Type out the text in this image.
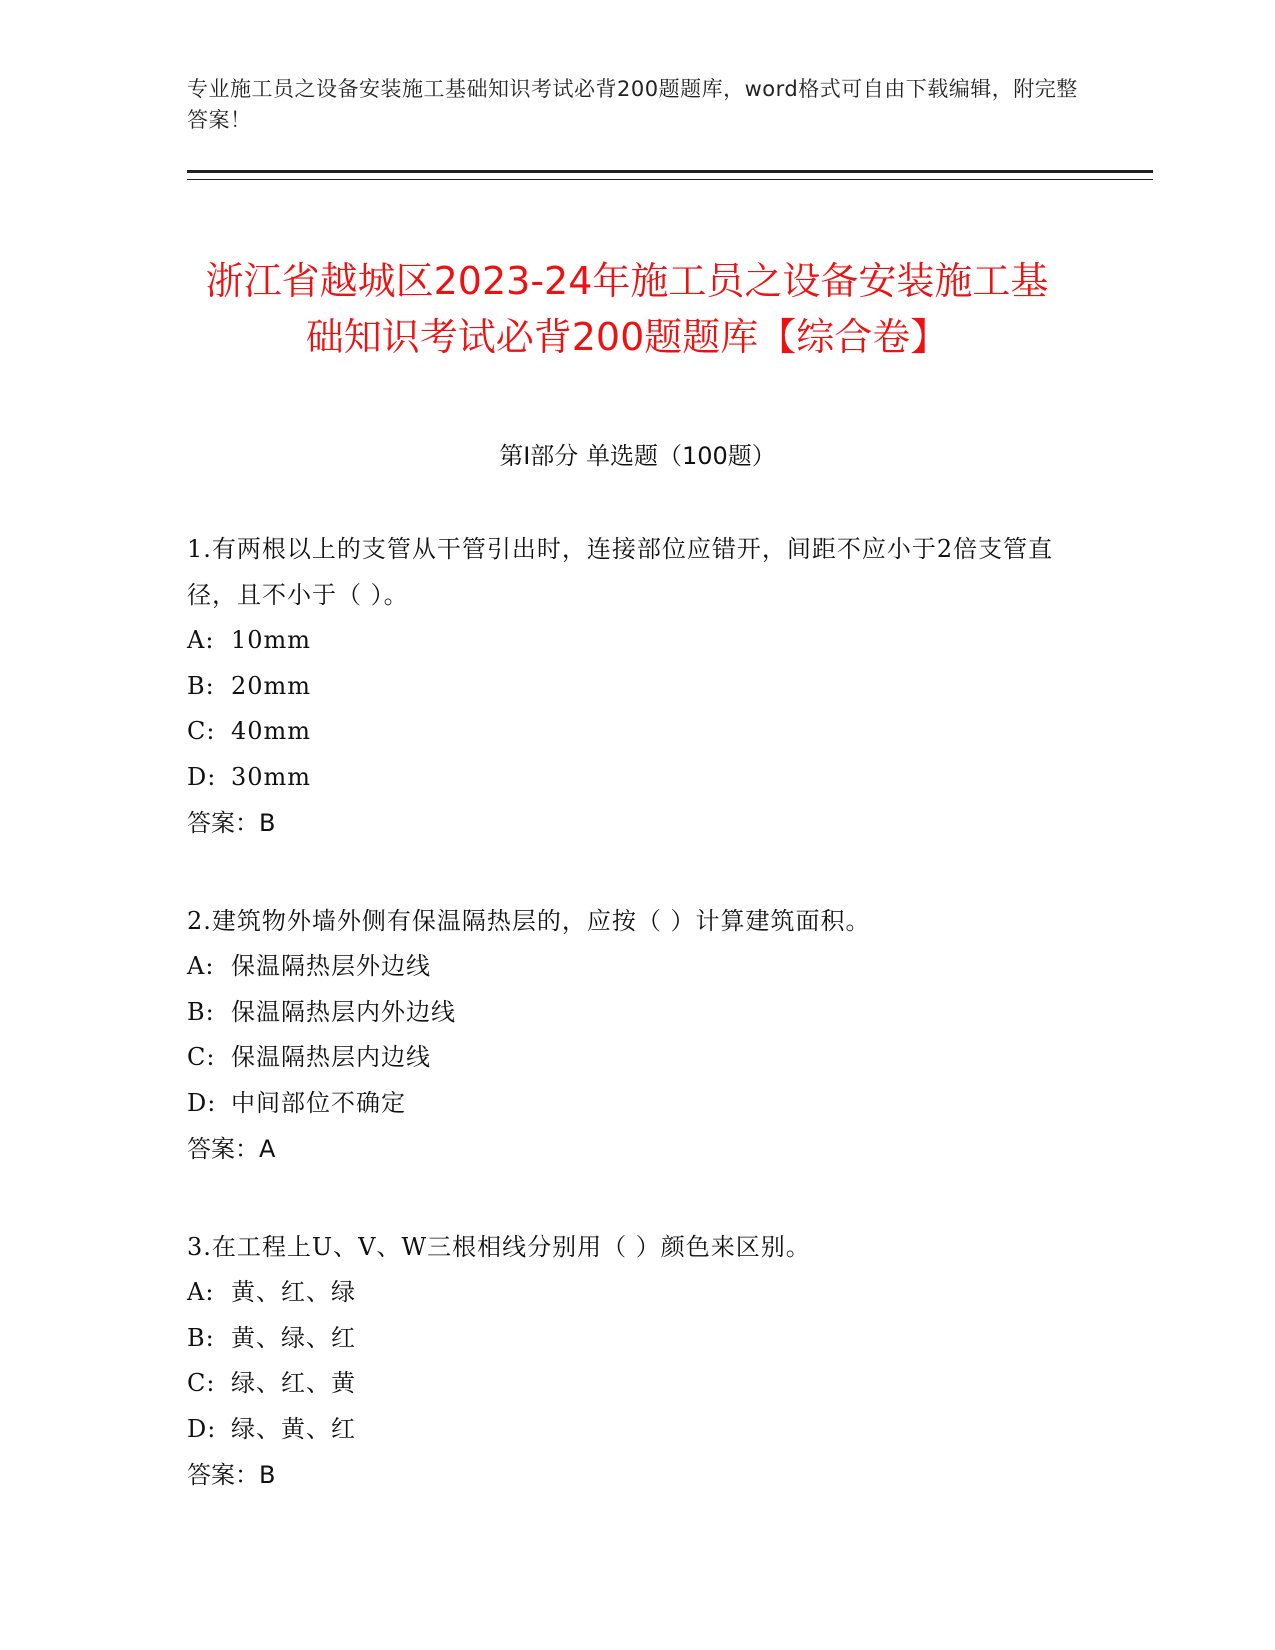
专业施工员之设备安装施工基础知识考试必背200题题库，word格式可自由下载编辑，附完整答案！
浙江省越城区2023-24年施工员之设备安装施工基础知识考试必背200题题库【综合卷】
第I部分 单选题（100题）
1.有两根以上的支管从干管引出时，连接部位应错开，间距不应小于2倍支管直径，且不小于（ ）。
A: 10mm
B: 20mm
C: 40mm
D: 30mm
答案：B
2.建筑物外墙外侧有保温隔热层的，应按（ ）计算建筑面积。
A: 保温隔热层外边线
B: 保温隔热层内外边线
C: 保温隔热层内边线
D: 中间部位不确定
答案：A
3.在工程上U、V、W三根相线分别用（ ）颜色来区别。
A: 黄、红、绿
B: 黄、绿、红
C: 绿、红、黄
D: 绿、黄、红
答案：B
